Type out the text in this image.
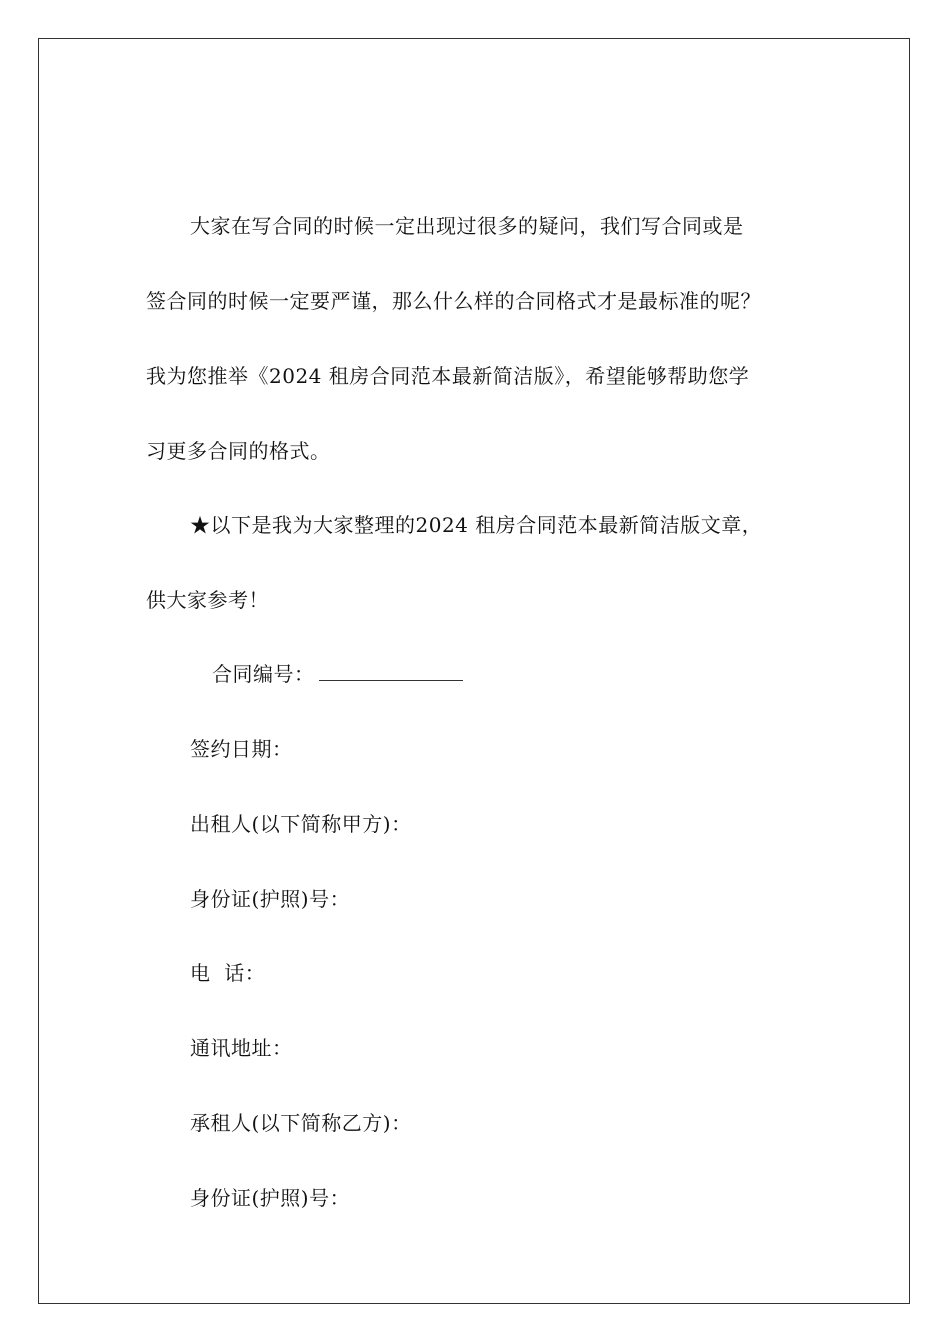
大家在写合同的时候一定出现过很多的疑问，我们写合同或是
签合同的时候一定要严谨，那么什么样的合同格式才是最标准的呢？
我为您推举《2024 租房合同范本最新简洁版》，希望能够帮助您学
习更多合同的格式。
★以下是我为大家整理的2024 租房合同范本最新简洁版文章，
供大家参考！
合同编号：
签约日期：
出租人(以下简称甲方)：
身份证(护照)号：
电  话：
通讯地址：
承租人(以下简称乙方)：
身份证(护照)号：
